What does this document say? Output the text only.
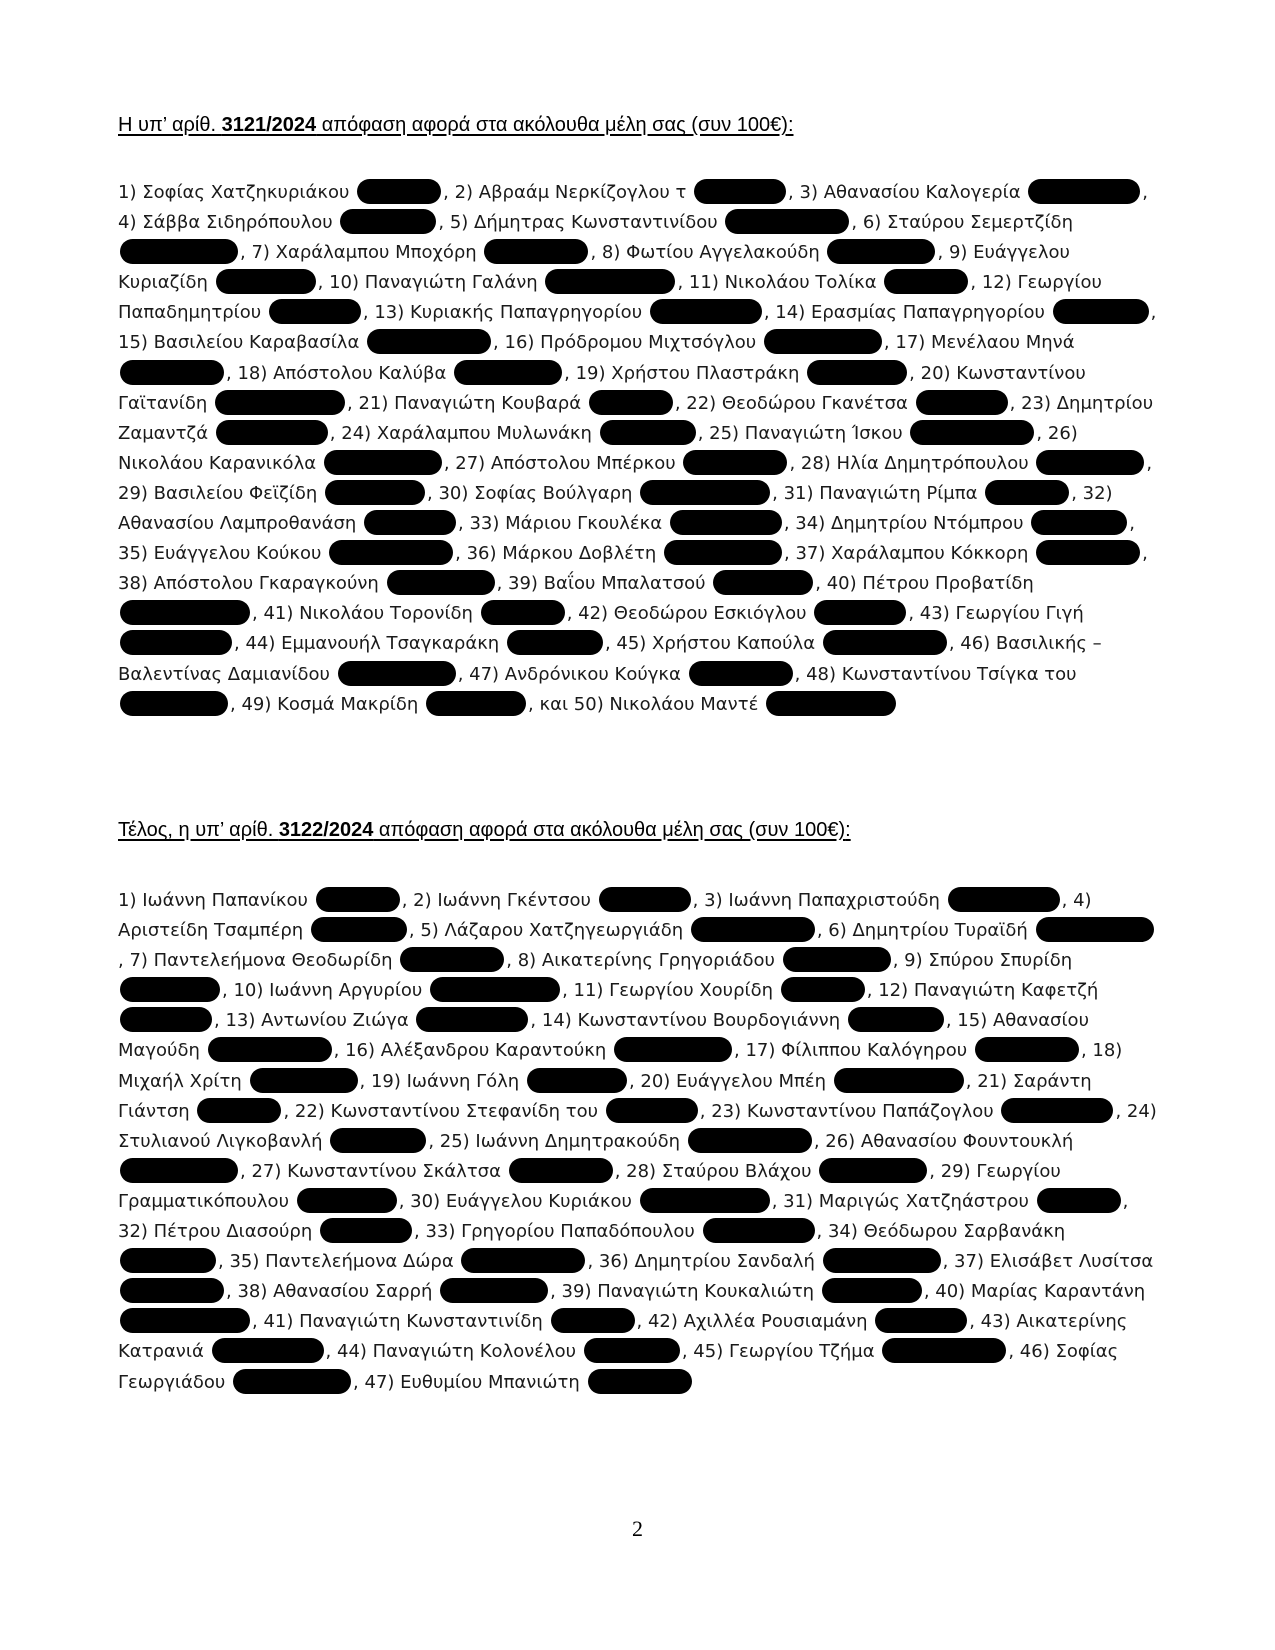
Η υπ’ αρίθ. 3121/2024 απόφαση αφορά στα ακόλουθα μέλη σας (συν 100€):

1) Σοφίας Χατζηκυριάκου	, 2) Αβραάμ Νερκίζογλου τ	, 3) Αθανασίου Καλογερία	, 4) Σάββα Σιδηρόπουλου	, 5) Δήμητρας Κωνσταντινίδου	, 6) Σταύρου Σεμερτζίδη , 7) Χαράλαμπου Μποχόρη	, 8) Φωτίου Αγγελακούδη	, 9) Ευάγγελου Κυριαζίδη	, 10) Παναγιώτη Γαλάνη	, 11) Νικολάου Τολίκα	, 12) Γεωργίου Παπαδημητρίου	, 13) Κυριακής Παπαγρηγορίου	, 14) Ερασμίας Παπαγρηγορίου	, 15) Βασιλείου Καραβασίλα	, 16) Πρόδρομου Μιχτσόγλου	, 17) Μενέλαου Μηνά , 18) Απόστολου Καλύβα	, 19) Χρήστου Πλαστράκη	, 20) Κωνσταντίνου Γαϊτανίδη	, 21) Παναγιώτη Κουβαρά	, 22) Θεοδώρου Γκανέτσα	, 23) Δημητρίου Ζαμαντζά	, 24) Χαράλαμπου Μυλωνάκη	, 25) Παναγιώτη Ίσκου	, 26) Νικολάου Καρανικόλα	, 27) Απόστολου Μπέρκου	, 28) Ηλία Δημητρόπουλου	, 29) Βασιλείου Φεϊζίδη	, 30) Σοφίας Βούλγαρη	, 31) Παναγιώτη Ρίμπα	, 32) Αθανασίου Λαμπροθανάση	, 33) Μάριου Γκουλέκα	, 34) Δημητρίου Ντόμπρου	, 35) Ευάγγελου Κούκου	, 36) Μάρκου Δοβλέτη	, 37) Χαράλαμπου Κόκκορη	, 38) Απόστολου Γκαραγκούνη	, 39) Βαΐου Μπαλατσού	, 40) Πέτρου Προβατίδη , 41) Νικολάου Τορονίδη	, 42) Θεοδώρου Εσκιόγλου	, 43) Γεωργίου Γιγή , 44) Εμμανουήλ Τσαγκαράκη	, 45) Χρήστου Καπούλα	, 46) Βασιλικής – Βαλεντίνας Δαμιανίδου	, 47) Ανδρόνικου Κούγκα	, 48) Κωνσταντίνου Τσίγκα του , 49) Κοσμά Μακρίδη	, και 50) Νικολάου Μαντέ

Τέλος, η υπ’ αρίθ. 3122/2024 απόφαση αφορά στα ακόλουθα μέλη σας (συν 100€):

1) Ιωάννη Παπανίκου	, 2) Ιωάννη Γκέντσου	, 3) Ιωάννη Παπαχριστούδη	, 4) Αριστείδη Τσαμπέρη	, 5) Λάζαρου Χατζηγεωργιάδη	, 6) Δημητρίου Τυραϊδή , 7) Παντελεήμονα Θεοδωρίδη	, 8) Αικατερίνης Γρηγοριάδου	, 9) Σπύρου Σπυρίδη , 10) Ιωάννη Αργυρίου	, 11) Γεωργίου Χουρίδη	, 12) Παναγιώτη Καφετζή , 13) Αντωνίου Ζιώγα	, 14) Κωνσταντίνου Βουρδογιάννη	, 15) Αθανασίου Μαγούδη	, 16) Αλέξανδρου Καραντούκη	, 17) Φίλιππου Καλόγηρου	, 18) Μιχαήλ Χρίτη	, 19) Ιωάννη Γόλη	, 20) Ευάγγελου Μπέη	, 21) Σαράντη Γιάντση	, 22) Κωνσταντίνου Στεφανίδη του	, 23) Κωνσταντίνου Παπάζογλου	, 24) Στυλιανού Λιγκοβανλή	, 25) Ιωάννη Δημητρακούδη	, 26) Αθανασίου Φουντουκλή , 27) Κωνσταντίνου Σκάλτσα	, 28) Σταύρου Βλάχου	, 29) Γεωργίου Γραμματικόπουλου	, 30) Ευάγγελου Κυριάκου	, 31) Μαριγώς Χατζηάστρου	, 32) Πέτρου Διασούρη	, 33) Γρηγορίου Παπαδόπουλου	, 34) Θεόδωρου Σαρβανάκη , 35) Παντελεήμονα Δώρα	, 36) Δημητρίου Σανδαλή	, 37) Ελισάβετ Λυσίτσα , 38) Αθανασίου Σαρρή	, 39) Παναγιώτη Κουκαλιώτη	, 40) Μαρίας Καραντάνη , 41) Παναγιώτη Κωνσταντινίδη	, 42) Αχιλλέα Ρουσιαμάνη	, 43) Αικατερίνης Κατρανιά	, 44) Παναγιώτη Κολονέλου	, 45) Γεωργίου Τζήμα	, 46) Σοφίας Γεωργιάδου	, 47) Ευθυμίου Μπανιώτη

2
